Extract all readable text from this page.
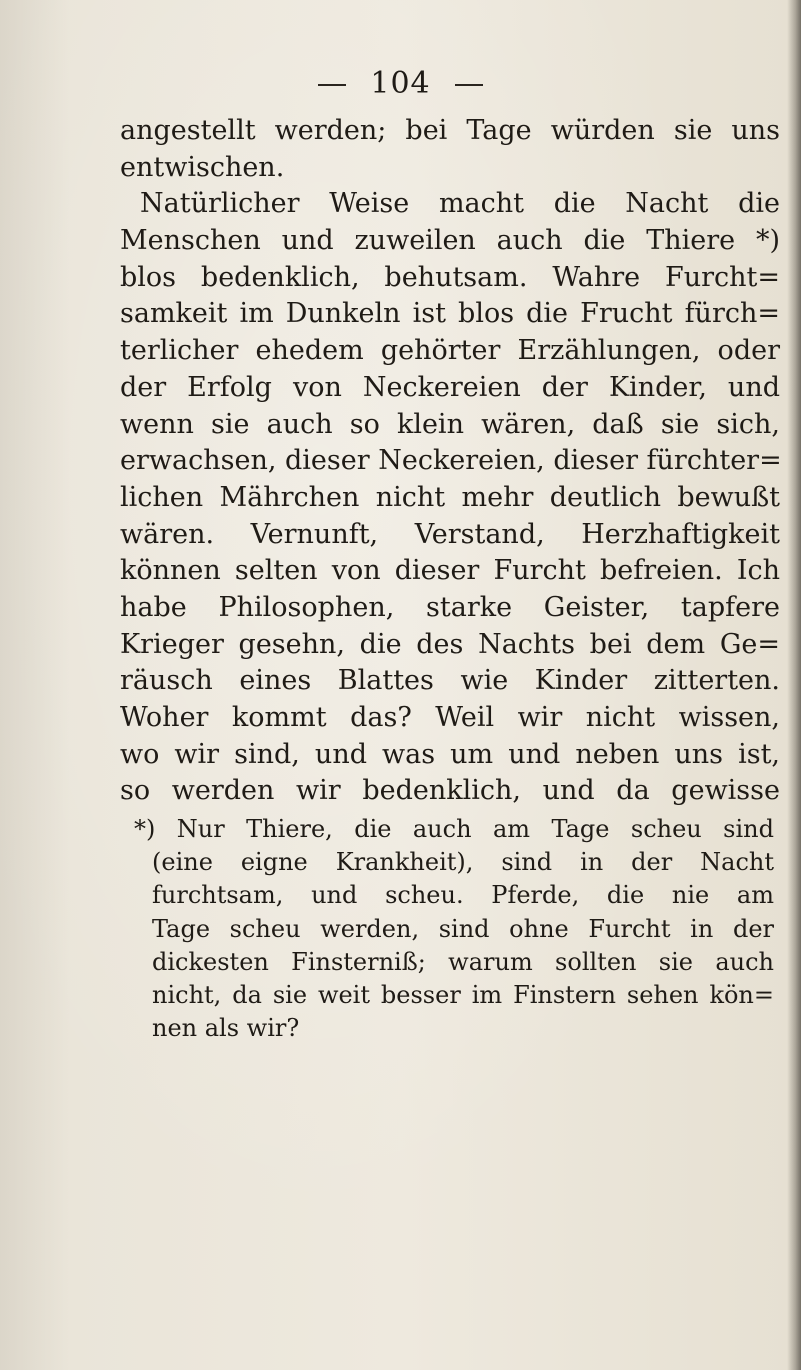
104
angestellt werden; bei Tage würden sie uns
entwischen.
Natürlicher Weise macht die Nacht die
Menschen und zuweilen auch die Thiere *)
blos bedenklich, behutsam. Wahre Furcht=
samkeit im Dunkeln ist blos die Frucht fürch=
terlicher ehedem gehörter Erzählungen, oder
der Erfolg von Neckereien der Kinder, und
wenn sie auch so klein wären, daß sie sich,
erwachsen, dieser Neckereien, dieser fürchter=
lichen Mährchen nicht mehr deutlich bewußt
wären. Vernunft, Verstand, Herzhaftigkeit
können selten von dieser Furcht befreien. Ich
habe Philosophen, starke Geister, tapfere
Krieger gesehn, die des Nachts bei dem Ge=
räusch eines Blattes wie Kinder zitterten.
Woher kommt das? Weil wir nicht wissen,
wo wir sind, und was um und neben uns ist,
so werden wir bedenklich, und da gewisse
*) Nur Thiere, die auch am Tage scheu sind
(eine eigne Krankheit), sind in der Nacht
furchtsam, und scheu. Pferde, die nie am
Tage scheu werden, sind ohne Furcht in der
dickesten Finsterniß; warum sollten sie auch
nicht, da sie weit besser im Finstern sehen kön=
nen als wir?
